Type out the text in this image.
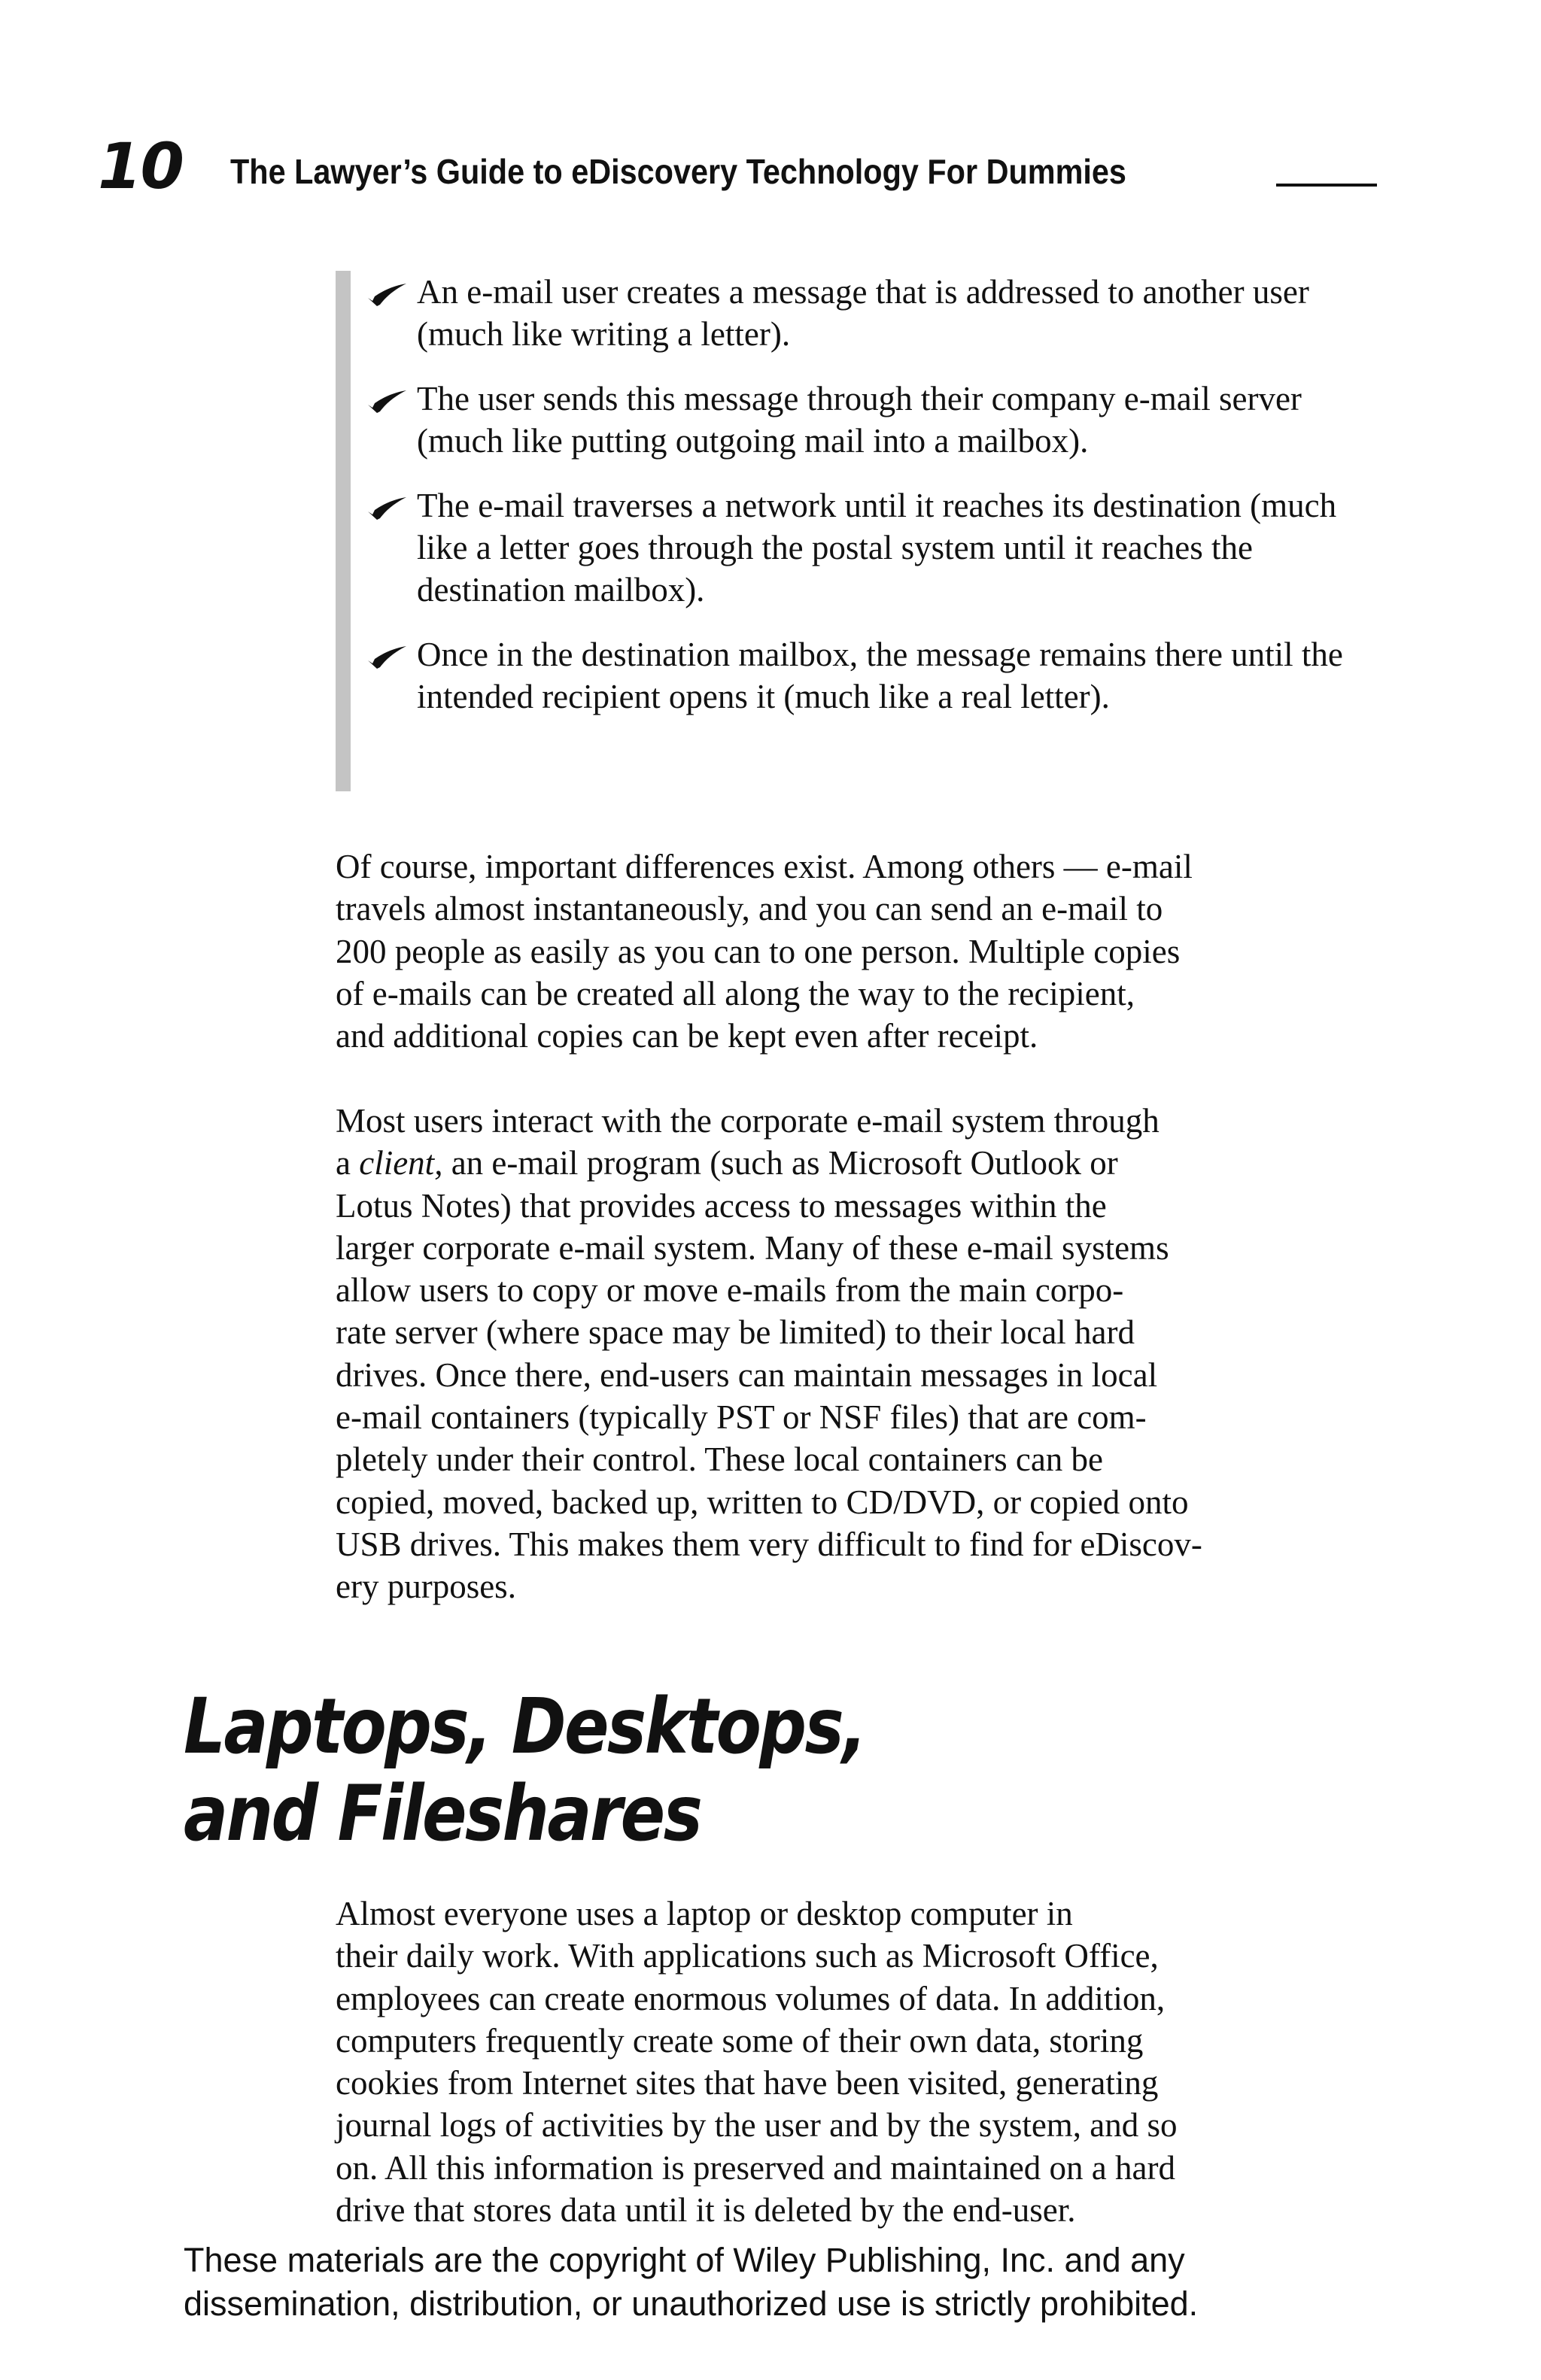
10 The Lawyer’s Guide to eDiscovery Technology For Dummies
An e-mail user creates a message that is addressed to another user (much like writing a letter).
The user sends this message through their company e-mail server (much like putting outgoing mail into a mailbox).
The e-mail traverses a network until it reaches its destination (much like a letter goes through the postal system until it reaches the destination mailbox).
Once in the destination mailbox, the message remains there until the intended recipient opens it (much like a real letter).

Of course, important differences exist. Among others — e-mail
travels almost instantaneously, and you can send an e-mail to
200 people as easily as you can to one person. Multiple copies
of e-mails can be created all along the way to the recipient,
and additional copies can be kept even after receipt.

Most users interact with the corporate e-mail system through
a client, an e-mail program (such as Microsoft Outlook or
Lotus Notes) that provides access to messages within the
larger corporate e-mail system. Many of these e-mail systems
allow users to copy or move e-mails from the main corpo-
rate server (where space may be limited) to their local hard
drives. Once there, end-users can maintain messages in local
e-mail containers (typically PST or NSF files) that are com-
pletely under their control. These local containers can be
copied, moved, backed up, written to CD/DVD, or copied onto
USB drives. This makes them very difficult to find for eDiscov-
ery purposes.

Laptops, Desktops,
and Fileshares

Almost everyone uses a laptop or desktop computer in
their daily work. With applications such as Microsoft Office,
employees can create enormous volumes of data. In addition,
computers frequently create some of their own data, storing
cookies from Internet sites that have been visited, generating
journal logs of activities by the user and by the system, and so
on. All this information is preserved and maintained on a hard
drive that stores data until it is deleted by the end-user.

These materials are the copyright of Wiley Publishing, Inc. and any
dissemination, distribution, or unauthorized use is strictly prohibited.
